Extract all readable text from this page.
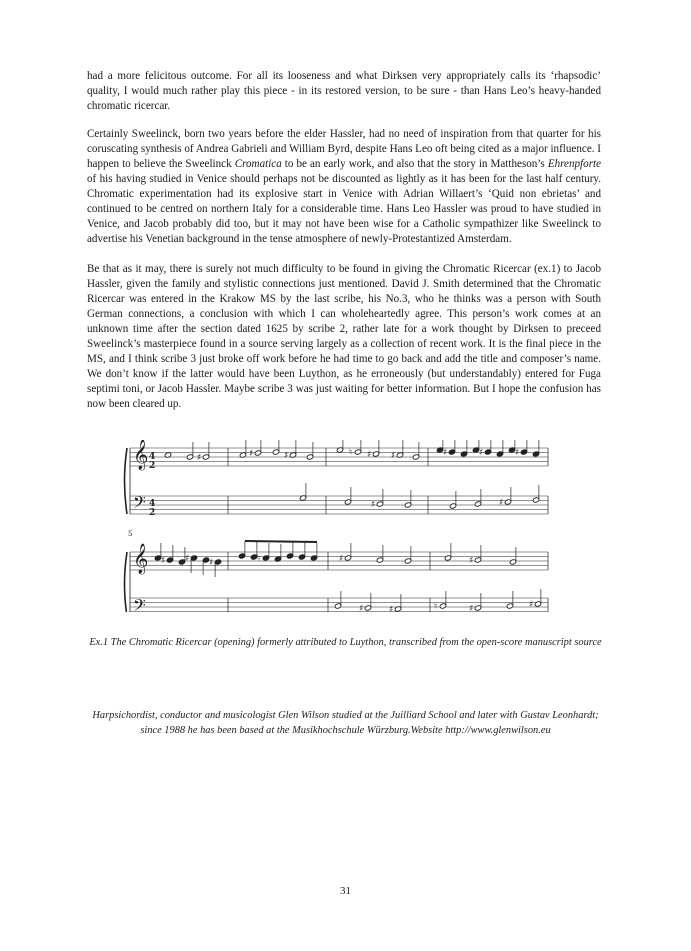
had a more felicitous outcome. For all its looseness and what Dirksen very appropriately calls its ‘rhapsodic’ quality, I would much rather play this piece - in its restored version, to be sure - than Hans Leo’s heavy-handed chromatic ricercar.

Certainly Sweelinck, born two years before the elder Hassler, had no need of inspiration from that quarter for his coruscating synthesis of Andrea Gabrieli and William Byrd, despite Hans Leo oft being cited as a major influence. I happen to believe the Sweelinck Cromatica to be an early work, and also that the story in Mattheson’s Ehrenpforte of his having studied in Venice should perhaps not be discounted as lightly as it has been for the last half century. Chromatic experimentation had its explosive start in Venice with Adrian Willaert’s ‘Quid non ebrietas’ and continued to be centred on northern Italy for a considerable time. Hans Leo Hassler was proud to have studied in Venice, and Jacob probably did too, but it may not have been wise for a Catholic sympathizer like Sweelinck to advertise his Venetian background in the tense atmosphere of newly-Protestantized Amsterdam.

Be that as it may, there is surely not much difficulty to be found in giving the Chromatic Ricercar (ex.1) to Jacob Hassler, given the family and stylistic connections just mentioned. David J. Smith determined that the Chromatic Ricercar was entered in the Krakow MS by the last scribe, his No.3, who he thinks was a person with South German connections, a conclusion with which I can wholeheartedly agree. This person’s work comes at an unknown time after the section dated 1625 by scribe 2, rather late for a work thought by Dirksen to preceed Sweelinck’s masterpiece found in a source serving largely as a collection of recent work. It is the final piece in the MS, and I think scribe 3 just broke off work before he had time to go back and add the title and composer’s name. We don’t know if the latter would have been Luython, as he erroneously (but understandably) entered for Fuga septimi toni, or Jacob Hassler. Maybe scribe 3 was just waiting for better information. But I hope the confusion has now been cleared up.

𝄞
𝄢
𝄞
𝄢
4
2
4
2
5
♯	♯	♯	♮ ♯ ♯	♯	♯	♯
♯	♯
♯ ♯ ♯	♮	♯	♯
♯	♯	♮	♯	♯
Ex.1 The Chromatic Ricercar (opening) formerly attributed to Luython, transcribed from the open-score manuscript source
Harpsichordist, conductor and musicologist Glen Wilson studied at the Juilliard School and later with Gustav Leonhardt;
since 1988 he has been based at the Musikhochschule Würzburg.Website http://www.glenwilson.eu
31
